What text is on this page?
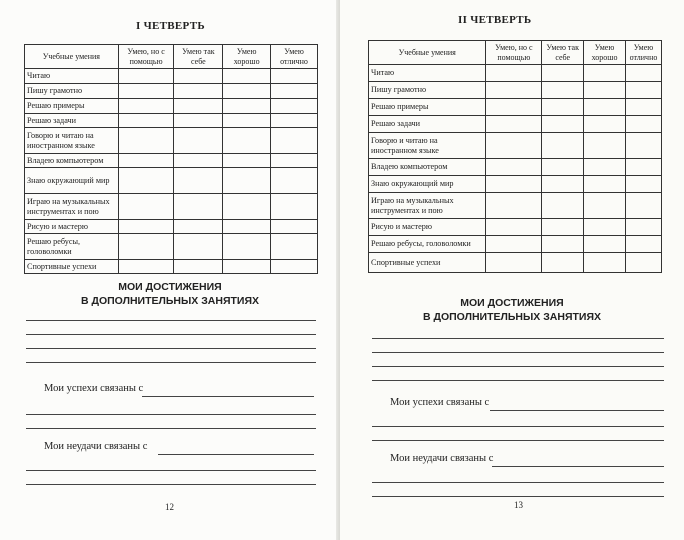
I ЧЕТВЕРТЬ
Учебные умения	Умею, но с помощью	Умею так себе	Умею хорошо	Умею отлично
Читаю				
Пишу грамотно				
Решаю примеры				
Решаю задачи				
Говорю и читаю на иностранном языке				
Владею компьютером				
Знаю окружающий мир				
Играю на музыкальных инструментах и пою				
Рисую и мастерю				
Решаю ребусы, головоломки				
Спортивные успехи				
МОИ ДОСТИЖЕНИЯ
В ДОПОЛНИТЕЛЬНЫХ ЗАНЯТИЯХ
Мои успехи связаны с
Мои неудачи связаны с
12
II ЧЕТВЕРТЬ
Учебные умения	Умею, но с помощью	Умею так себе	Умею хорошо	Умею отлично
Читаю				
Пишу грамотно				
Решаю примеры				
Решаю задачи				
Говорю и читаю на иностранном языке				
Владею компьютером				
Знаю окружающий мир				
Играю на музыкальных инструментах и пою				
Рисую и мастерю				
Решаю ребусы, головоломки				
Спортивные успехи				
МОИ ДОСТИЖЕНИЯ
В ДОПОЛНИТЕЛЬНЫХ ЗАНЯТИЯХ
Мои успехи связаны с
Мои неудачи связаны с
13
